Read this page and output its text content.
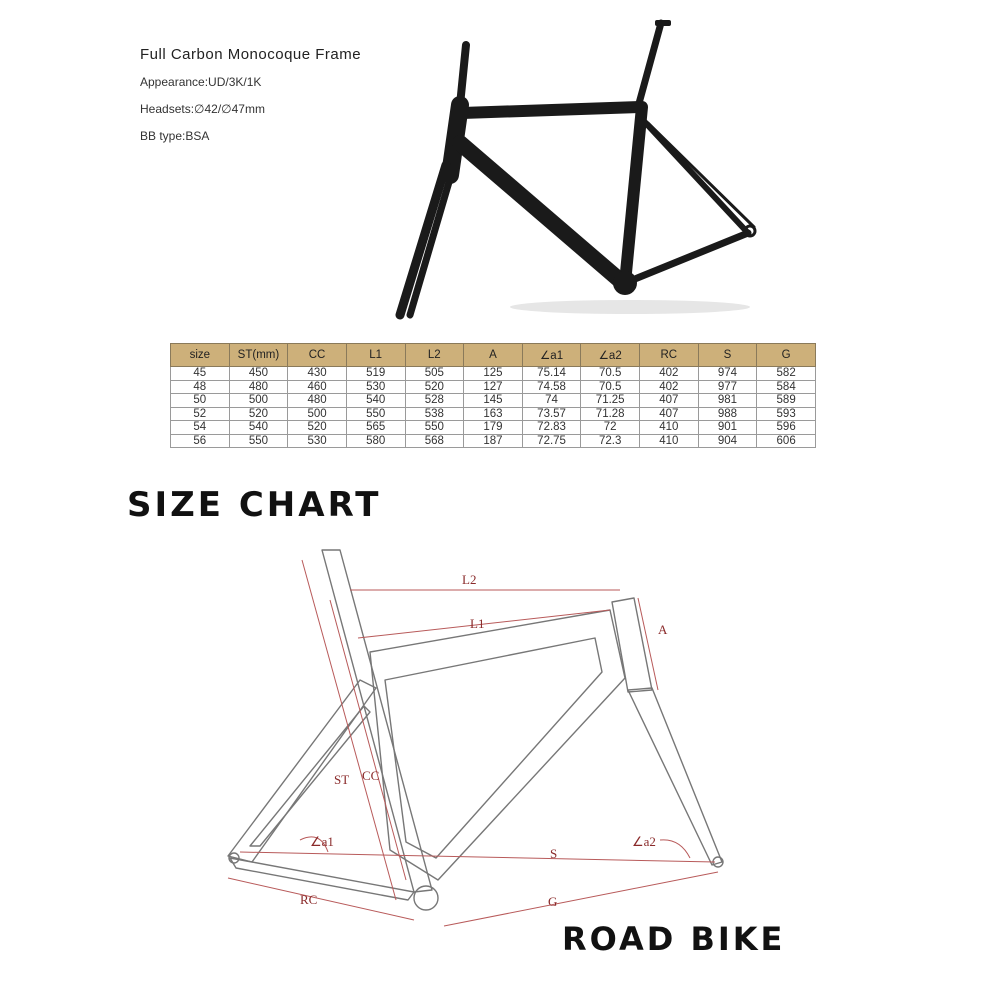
Full Carbon Monocoque Frame
Appearance:UD/3K/1K
Headsets:∅42/∅47mm
BB type:BSA
size	ST(mm)	CC	L1	L2	A	∠a1	∠a2	RC	S	G
45	450	430	519	505	125	75.14	70.5	402	974	582
48	480	460	530	520	127	74.58	70.5	402	977	584
50	500	480	540	528	145	74	71.25	407	981	589
52	520	500	550	538	163	73.57	71.28	407	988	593
54	540	520	565	550	179	72.83	72	410	901	596
56	550	530	580	568	187	72.75	72.3	410	904	606
SIZE CHART
L2
L1	A
ST CC
∠a1	∠a2
S
RC	G
ROAD BIKE
